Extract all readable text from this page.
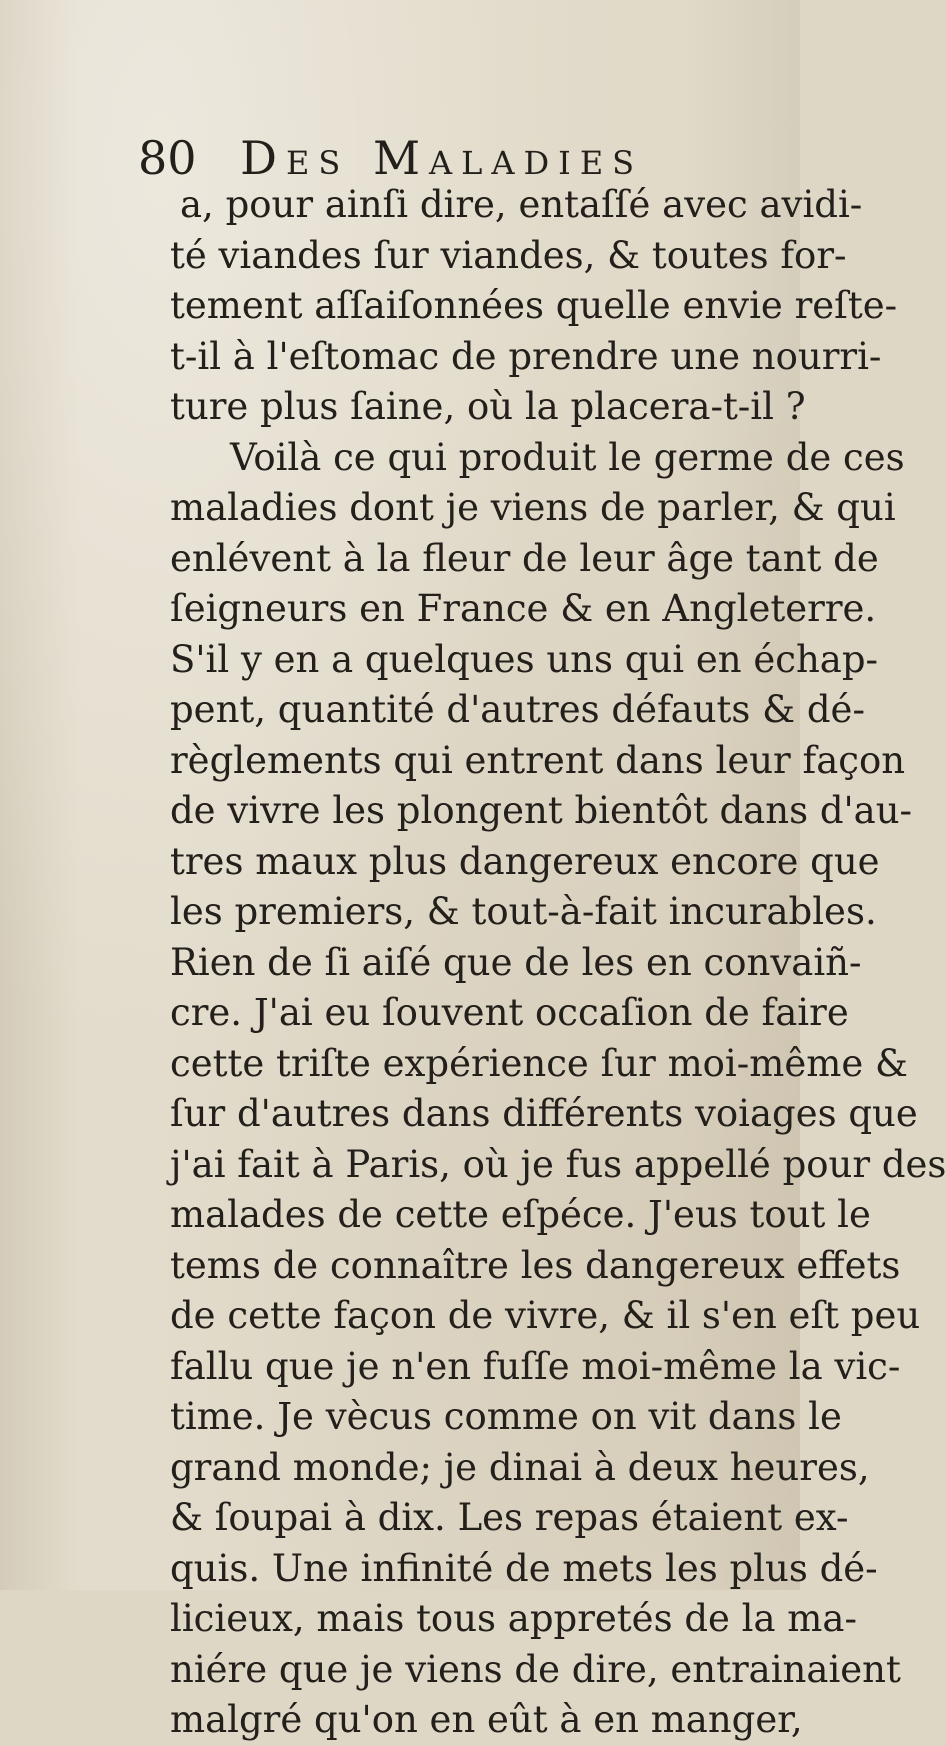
80 Des Maladies
a, pour ainſi dire, entaſſé avec avidi-
té viandes ſur viandes, & toutes for-
tement aſſaiſonnées quelle envie reſte-
t-il à l'eſtomac de prendre une nourri-
ture plus ſaine, où la placera-t-il ?
Voilà ce qui produit le germe de ces
maladies dont je viens de parler, & qui
enlévent à la fleur de leur âge tant de
ſeigneurs en France & en Angleterre.
S'il y en a quelques uns qui en échap-
pent, quantité d'autres défauts & dé-
règlements qui entrent dans leur façon
de vivre les plongent bientôt dans d'au-
tres maux plus dangereux encore que
les premiers, & tout-à-fait incurables.
Rien de ſi aiſé que de les en convaiñ-
cre. J'ai eu ſouvent occaſion de faire
cette triſte expérience ſur moi-même &
ſur d'autres dans différents voiages que
j'ai fait à Paris, où je fus appellé pour des
malades de cette eſpéce. J'eus tout le
tems de connaître les dangereux effets
de cette façon de vivre, & il s'en eſt peu
fallu que je n'en fuſſe moi-même la vic-
time. Je vècus comme on vit dans le
grand monde; je dinai à deux heures,
& ſoupai à dix. Les repas étaient ex-
quis. Une infinité de mets les plus dé-
licieux, mais tous appretés de la ma-
niére que je viens de dire, entrainaient
malgré qu'on en eût à en manger,
